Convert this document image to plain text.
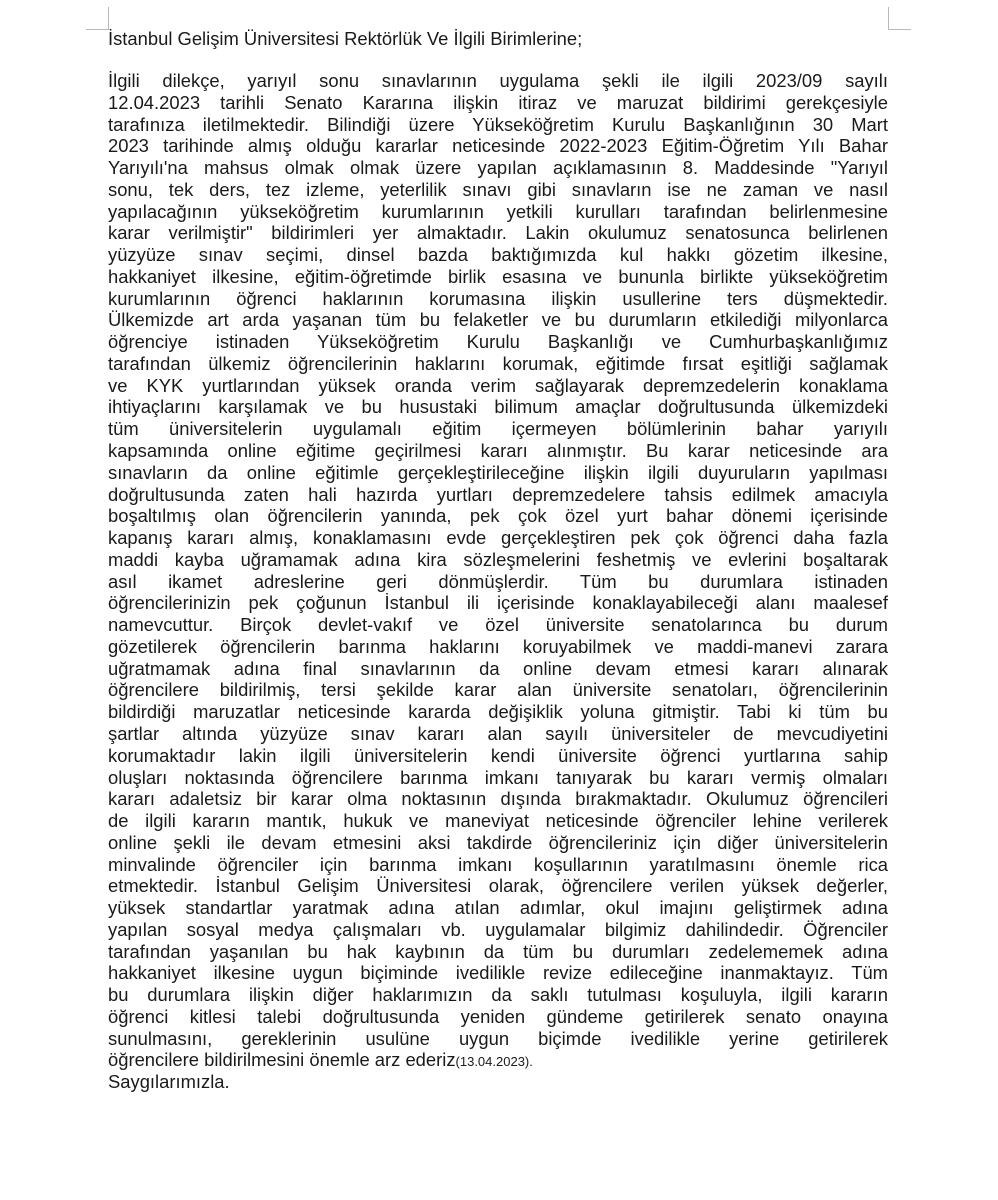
İstanbul Gelişim Üniversitesi Rektörlük Ve İlgili Birimlerine;
İlgili dilekçe, yarıyıl sonu sınavlarının uygulama şekli ile ilgili 2023/09 sayılı
12.04.2023 tarihli Senato Kararına ilişkin itiraz ve maruzat bildirimi gerekçesiyle
tarafınıza iletilmektedir. Bilindiği üzere Yükseköğretim Kurulu Başkanlığının 30 Mart
2023 tarihinde almış olduğu kararlar neticesinde 2022-2023 Eğitim-Öğretim Yılı Bahar
Yarıyılı'na mahsus olmak olmak üzere yapılan açıklamasının 8. Maddesinde "Yarıyıl
sonu, tek ders, tez izleme, yeterlilik sınavı gibi sınavların ise ne zaman ve nasıl
yapılacağının yükseköğretim kurumlarının yetkili kurulları tarafından belirlenmesine
karar verilmiştir" bildirimleri yer almaktadır. Lakin okulumuz senatosunca belirlenen
yüzyüze sınav seçimi, dinsel bazda baktığımızda kul hakkı gözetim ilkesine,
hakkaniyet ilkesine, eğitim-öğretimde birlik esasına ve bununla birlikte yükseköğretim
kurumlarının öğrenci haklarının korumasına ilişkin usullerine ters düşmektedir.
Ülkemizde art arda yaşanan tüm bu felaketler ve bu durumların etkilediği milyonlarca
öğrenciye istinaden Yükseköğretim Kurulu Başkanlığı ve Cumhurbaşkanlığımız
tarafından ülkemiz öğrencilerinin haklarını korumak, eğitimde fırsat eşitliği sağlamak
ve KYK yurtlarından yüksek oranda verim sağlayarak depremzedelerin konaklama
ihtiyaçlarını karşılamak ve bu husustaki bilimum amaçlar doğrultusunda ülkemizdeki
tüm üniversitelerin uygulamalı eğitim içermeyen bölümlerinin bahar yarıyılı
kapsamında online eğitime geçirilmesi kararı alınmıştır. Bu karar neticesinde ara
sınavların da online eğitimle gerçekleştirileceğine ilişkin ilgili duyuruların yapılması
doğrultusunda zaten hali hazırda yurtları depremzedelere tahsis edilmek amacıyla
boşaltılmış olan öğrencilerin yanında, pek çok özel yurt bahar dönemi içerisinde
kapanış kararı almış, konaklamasını evde gerçekleştiren pek çok öğrenci daha fazla
maddi kayba uğramamak adına kira sözleşmelerini feshetmiş ve evlerini boşaltarak
asıl ikamet adreslerine geri dönmüşlerdir. Tüm bu durumlara istinaden
öğrencilerinizin pek çoğunun İstanbul ili içerisinde konaklayabileceği alanı maalesef
namevcuttur. Birçok devlet-vakıf ve özel üniversite senatolarınca bu durum
gözetilerek öğrencilerin barınma haklarını koruyabilmek ve maddi-manevi zarara
uğratmamak adına final sınavlarının da online devam etmesi kararı alınarak
öğrencilere bildirilmiş, tersi şekilde karar alan üniversite senatoları, öğrencilerinin
bildirdiği maruzatlar neticesinde kararda değişiklik yoluna gitmiştir. Tabi ki tüm bu
şartlar altında yüzyüze sınav kararı alan sayılı üniversiteler de mevcudiyetini
korumaktadır lakin ilgili üniversitelerin kendi üniversite öğrenci yurtlarına sahip
oluşları noktasında öğrencilere barınma imkanı tanıyarak bu kararı vermiş olmaları
kararı adaletsiz bir karar olma noktasının dışında bırakmaktadır. Okulumuz öğrencileri
de ilgili kararın mantık, hukuk ve maneviyat neticesinde öğrenciler lehine verilerek
online şekli ile devam etmesini aksi takdirde öğrencileriniz için diğer üniversitelerin
minvalinde öğrenciler için barınma imkanı koşullarının yaratılmasını önemle rica
etmektedir. İstanbul Gelişim Üniversitesi olarak, öğrencilere verilen yüksek değerler,
yüksek standartlar yaratmak adına atılan adımlar, okul imajını geliştirmek adına
yapılan sosyal medya çalışmaları vb. uygulamalar bilgimiz dahilindedir. Öğrenciler
tarafından yaşanılan bu hak kaybının da tüm bu durumları zedelememek adına
hakkaniyet ilkesine uygun biçiminde ivedilikle revize edileceğine inanmaktayız. Tüm
bu durumlara ilişkin diğer haklarımızın da saklı tutulması koşuluyla, ilgili kararın
öğrenci kitlesi talebi doğrultusunda yeniden gündeme getirilerek senato onayına
sunulmasını, gereklerinin usulüne uygun biçimde ivedilikle yerine getirilerek
öğrencilere bildirilmesini önemle arz ederiz(13.04.2023).
Saygılarımızla.
